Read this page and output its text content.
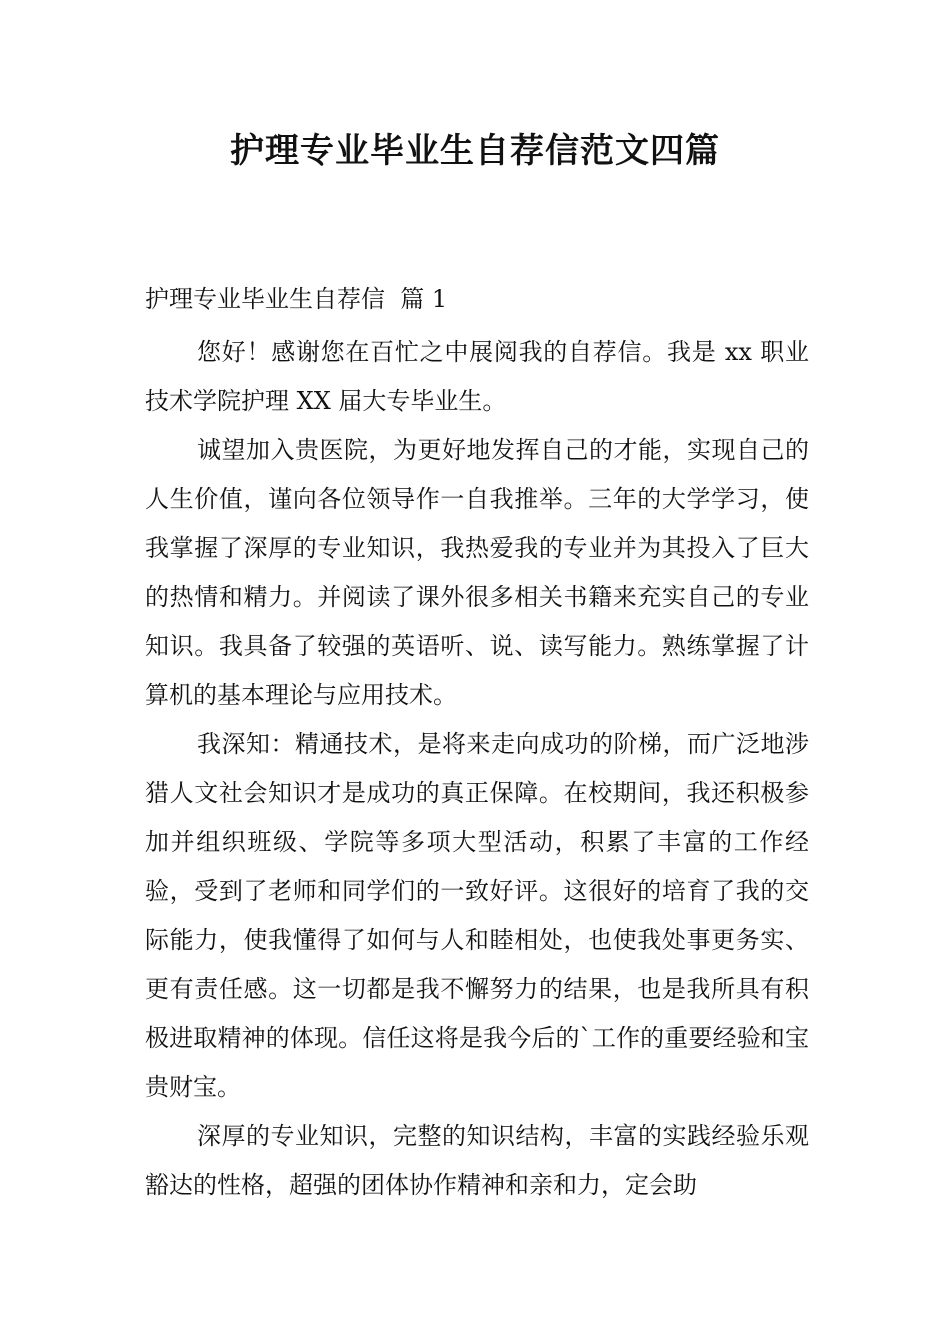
护理专业毕业生自荐信范文四篇

护理专业毕业生自荐信  篇 1

您好！感谢您在百忙之中展阅我的自荐信。我是 xx 职业技术学院护理 XX 届大专毕业生。

诚望加入贵医院，为更好地发挥自己的才能，实现自己的人生价值，谨向各位领导作一自我推举。三年的大学学习，使我掌握了深厚的专业知识，我热爱我的专业并为其投入了巨大的热情和精力。并阅读了课外很多相关书籍来充实自己的专业知识。我具备了较强的英语听、说、读写能力。熟练掌握了计算机的基本理论与应用技术。

我深知：精通技术，是将来走向成功的阶梯，而广泛地涉猎人文社会知识才是成功的真正保障。在校期间，我还积极参加并组织班级、学院等多项大型活动，积累了丰富的工作经验，受到了老师和同学们的一致好评。这很好的培育了我的交际能力，使我懂得了如何与人和睦相处，也使我处事更务实、更有责任感。这一切都是我不懈努力的结果，也是我所具有积极进取精神的体现。信任这将是我今后的`工作的重要经验和宝贵财宝。

深厚的专业知识，完整的知识结构，丰富的实践经验乐观豁达的性格，超强的团体协作精神和亲和力，定会助
